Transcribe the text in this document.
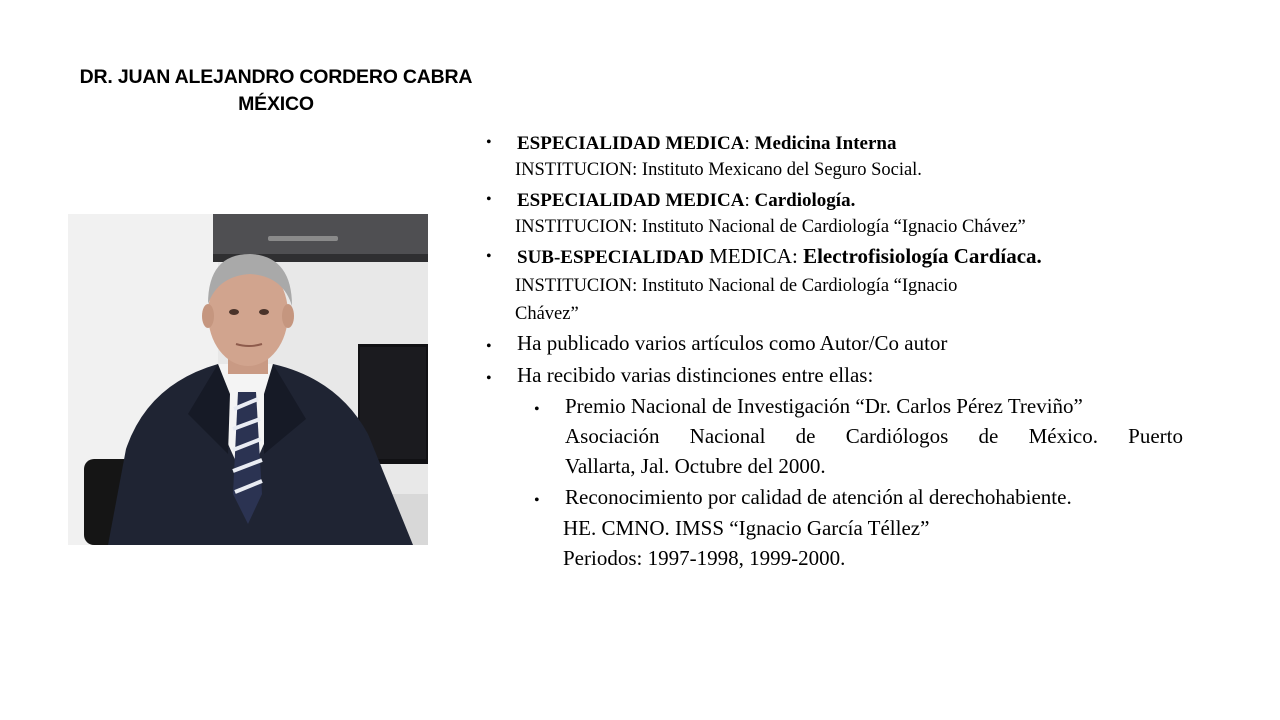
DR. JUAN ALEJANDRO CORDERO CABRA
MÉXICO
• ESPECIALIDAD MEDICA: Medicina Interna
INSTITUCION: Instituto Mexicano del Seguro Social.
• ESPECIALIDAD MEDICA: Cardiología.
INSTITUCION: Instituto Nacional de Cardiología “Ignacio Chávez”
• SUB-ESPECIALIDAD MEDICA: Electrofisiología Cardíaca.
INSTITUCION: Instituto Nacional de Cardiología “Ignacio
Chávez”
• Ha publicado varios artículos como Autor/Co autor
• Ha recibido varias distinciones entre ellas:
• Premio Nacional de Investigación “Dr. Carlos Pérez Treviño”
Asociación Nacional de Cardiólogos de México. Puerto
Vallarta, Jal. Octubre del 2000.
• Reconocimiento por calidad de atención al derechohabiente.
HE. CMNO. IMSS “Ignacio García Téllez”
Periodos: 1997-1998, 1999-2000.
